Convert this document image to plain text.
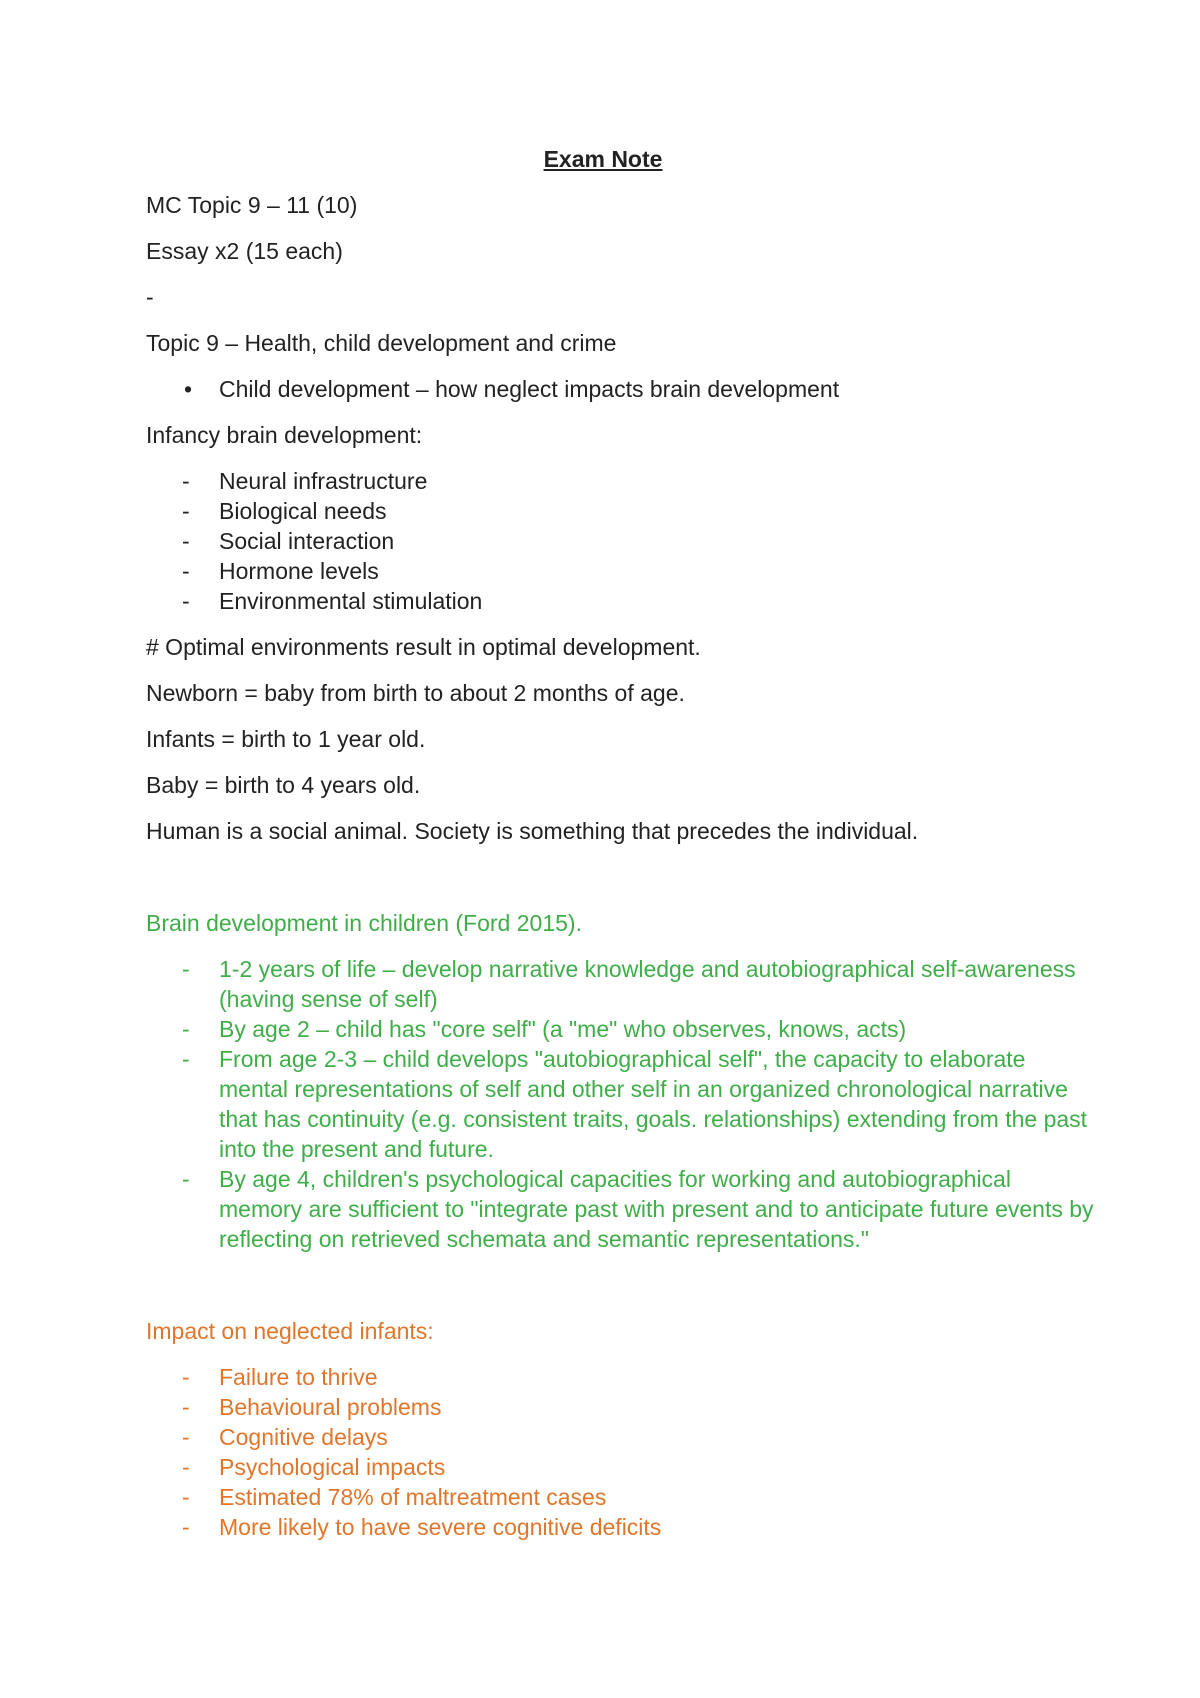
Exam Note

MC Topic 9 – 11 (10)

Essay x2 (15 each)

-

Topic 9 – Health, child development and crime

• Child development – how neglect impacts brain development

Infancy brain development:

- Neural infrastructure
- Biological needs
- Social interaction
- Hormone levels
- Environmental stimulation

# Optimal environments result in optimal development.

Newborn = baby from birth to about 2 months of age.

Infants = birth to 1 year old.

Baby = birth to 4 years old.

Human is a social animal. Society is something that precedes the individual.

Brain development in children (Ford 2015).

- 1-2 years of life – develop narrative knowledge and autobiographical self-awareness (having sense of self)
- By age 2 – child has "core self" (a "me" who observes, knows, acts)
- From age 2-3 – child develops "autobiographical self", the capacity to elaborate mental representations of self and other self in an organized chronological narrative that has continuity (e.g. consistent traits, goals. relationships) extending from the past into the present and future.
- By age 4, children's psychological capacities for working and autobiographical memory are sufficient to "integrate past with present and to anticipate future events by reflecting on retrieved schemata and semantic representations."

Impact on neglected infants:

- Failure to thrive
- Behavioural problems
- Cognitive delays
- Psychological impacts
- Estimated 78% of maltreatment cases
- More likely to have severe cognitive deficits
